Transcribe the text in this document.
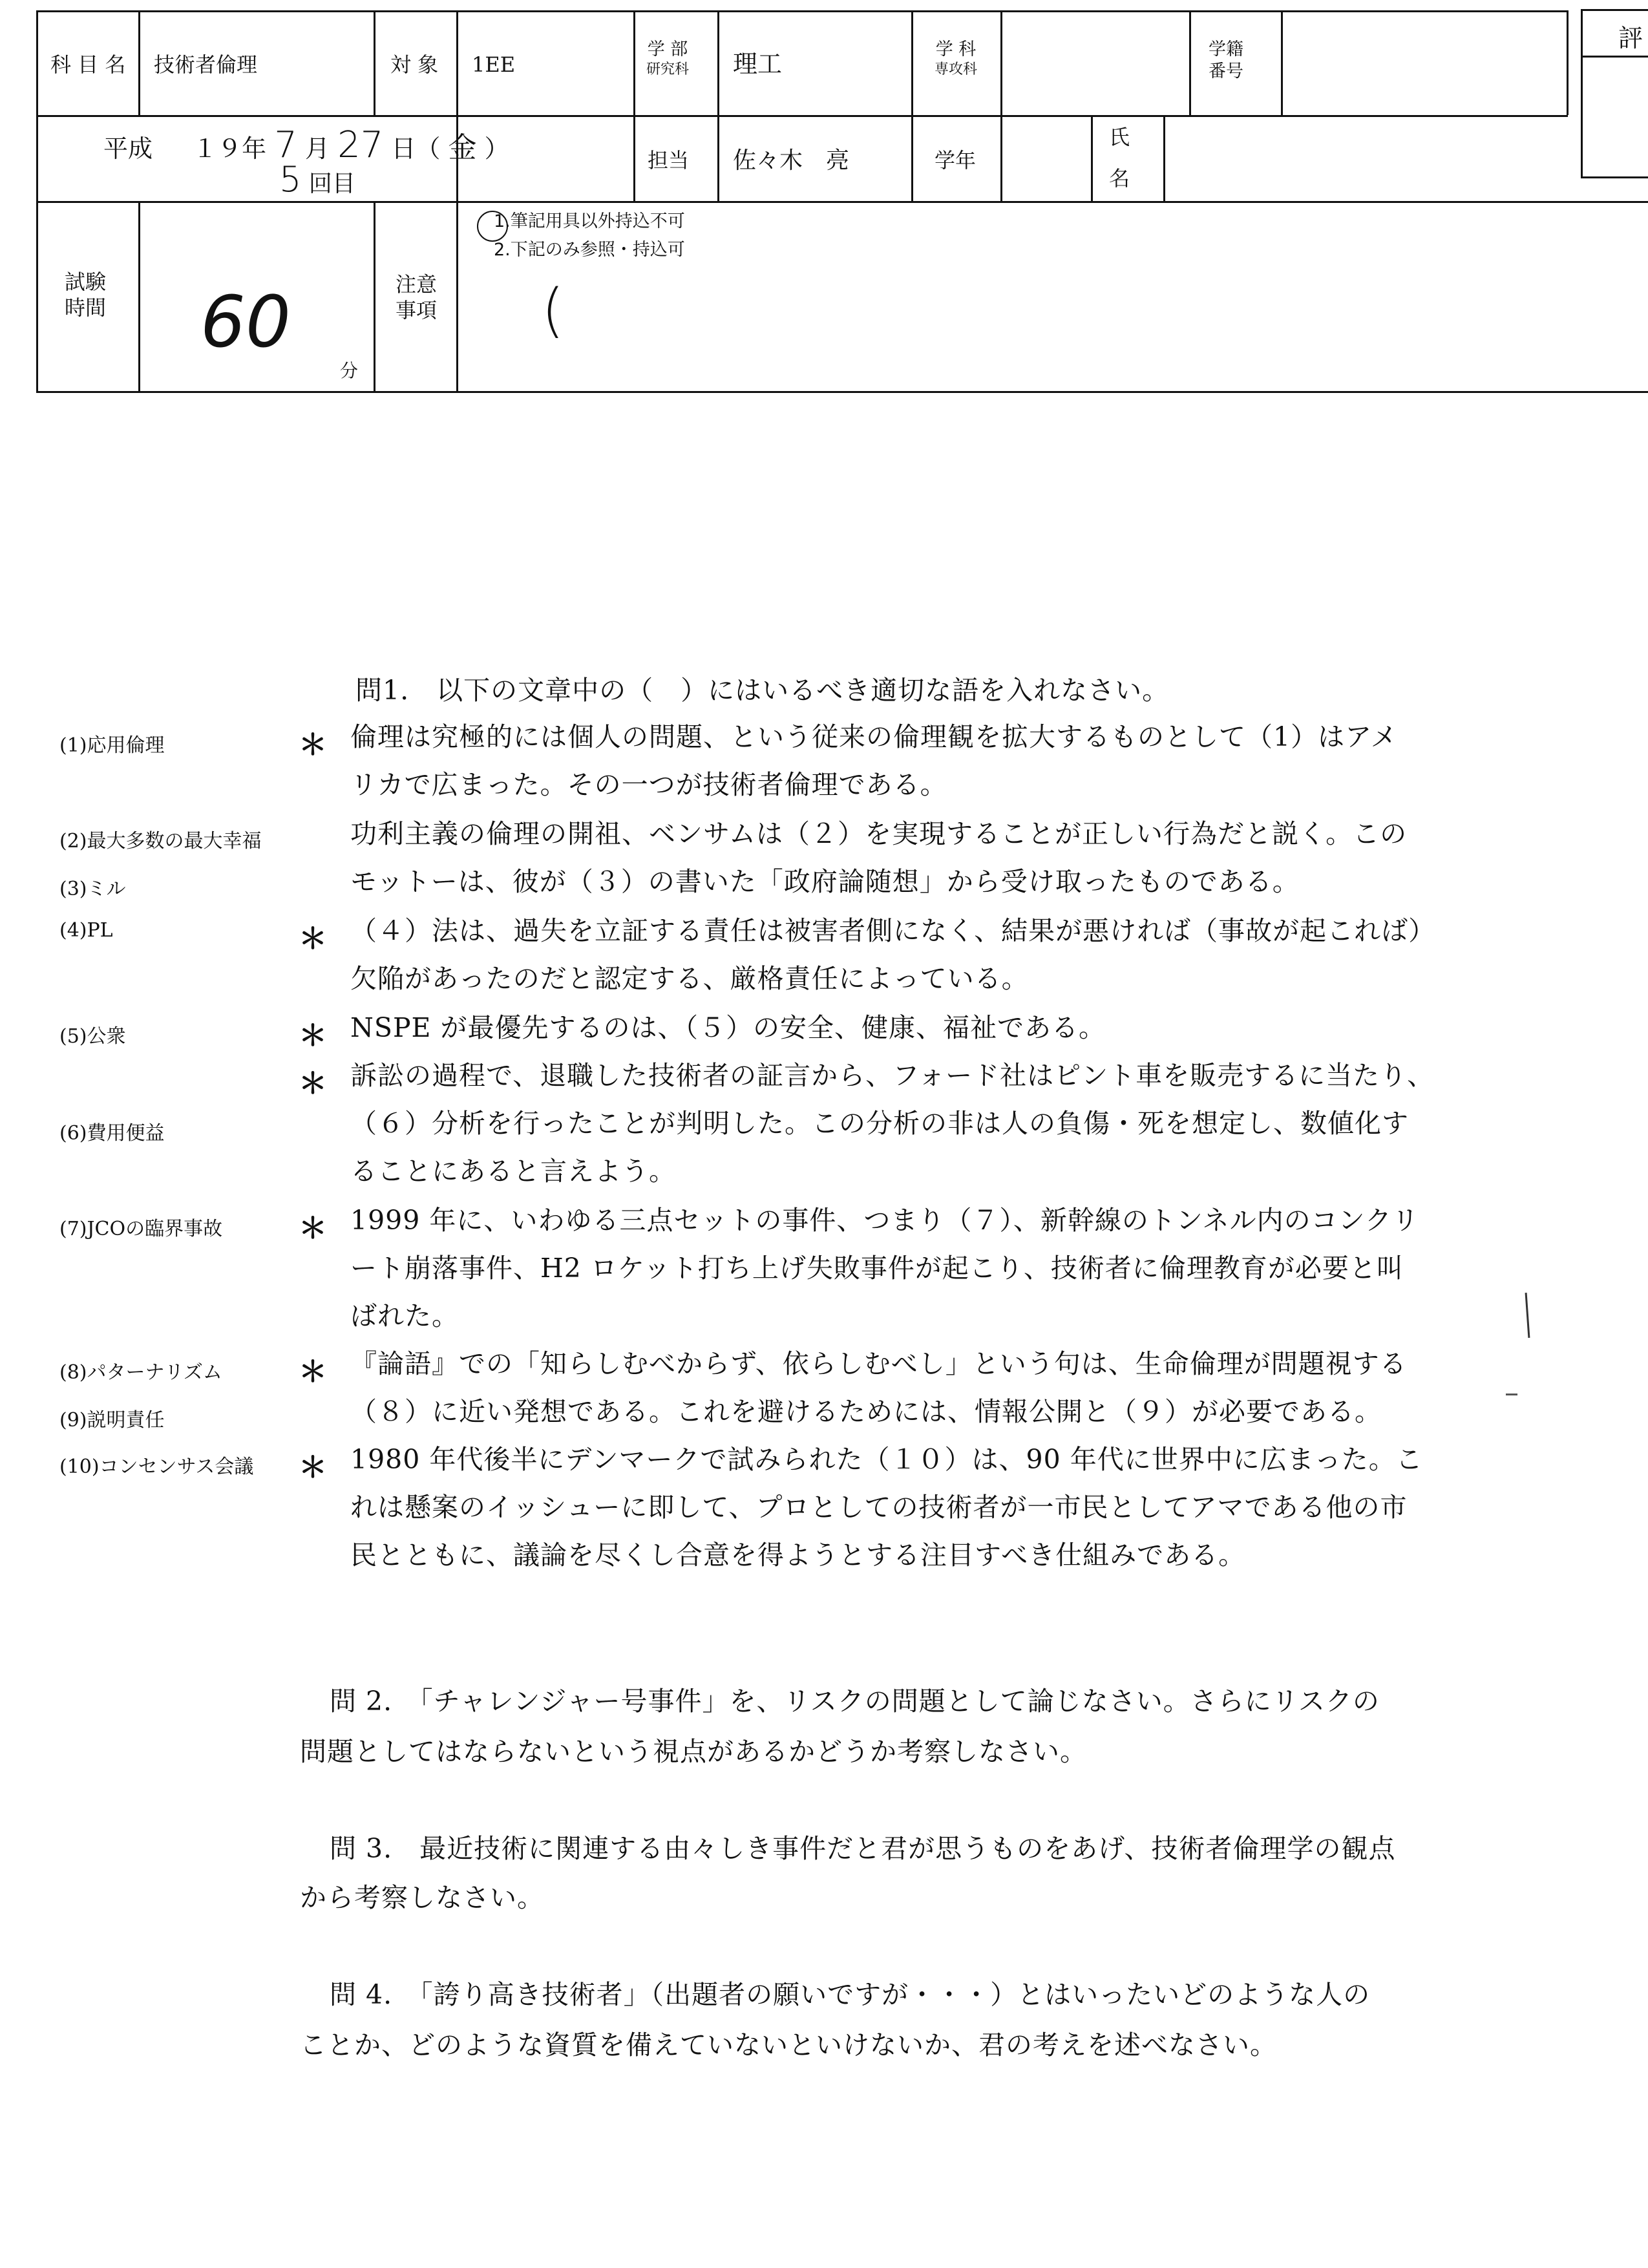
科 目 名 技術者倫理	対 象 1EE
学 部
研究科 理工
学 科
専攻科
学籍
番号
評
平成 １９年 7 月 27 日（ 金 ）
5 回目
担当 佐々木　亮	学年
氏
名
試験
時間 60
分
注意
事項
1.筆記用具以外持込不可
2.下記のみ参照・持込可
(
問1.　以下の文章中の（　）にはいるべき適切な語を入れなさい。
(1)応用倫理
(2)最大多数の最大幸福
(3)ミル
(4)PL
(5)公衆
(6)費用便益
(7)JCOの臨界事故
(8)パターナリズム
(9)説明責任
(10)コンセンサス会議
＊
＊
＊
＊
＊
＊
＊
倫理は究極的には個人の問題、という従来の倫理観を拡大するものとして（1）はアメ
リカで広まった。その一つが技術者倫理である。
功利主義の倫理の開祖、ベンサムは（２）を実現することが正しい行為だと説く。この
モットーは、彼が（３）の書いた「政府論随想」から受け取ったものである。
（４）法は、過失を立証する責任は被害者側になく、結果が悪ければ（事故が起これば）
欠陥があったのだと認定する、厳格責任によっている。
NSPE が最優先するのは、（５）の安全、健康、福祉である。
訴訟の過程で、退職した技術者の証言から、フォード社はピント車を販売するに当たり、
（６）分析を行ったことが判明した。この分析の非は人の負傷・死を想定し、数値化す
ることにあると言えよう。
1999 年に、いわゆる三点セットの事件、つまり（７）、新幹線のトンネル内のコンクリ
ート崩落事件、H2 ロケット打ち上げ失敗事件が起こり、技術者に倫理教育が必要と叫
ばれた。
『論語』での「知らしむべからず、依らしむべし」という句は、生命倫理が問題視する
（８）に近い発想である。これを避けるためには、情報公開と（９）が必要である。
1980 年代後半にデンマークで試みられた（１０）は、90 年代に世界中に広まった。こ
れは懸案のイッシューに即して、プロとしての技術者が一市民としてアマである他の市
民とともに、議論を尽くし合意を得ようとする注目すべき仕組みである。
問 2.　「チャレンジャー号事件」を、リスクの問題として論じなさい。さらにリスクの
問題としてはならないという視点があるかどうか考察しなさい。
問 3.　最近技術に関連する由々しき事件だと君が思うものをあげ、技術者倫理学の観点
から考察しなさい。
問 4.　「誇り高き技術者」（出題者の願いですが・・・）とはいったいどのような人の
ことか、どのような資質を備えていないといけないか、君の考えを述べなさい。
